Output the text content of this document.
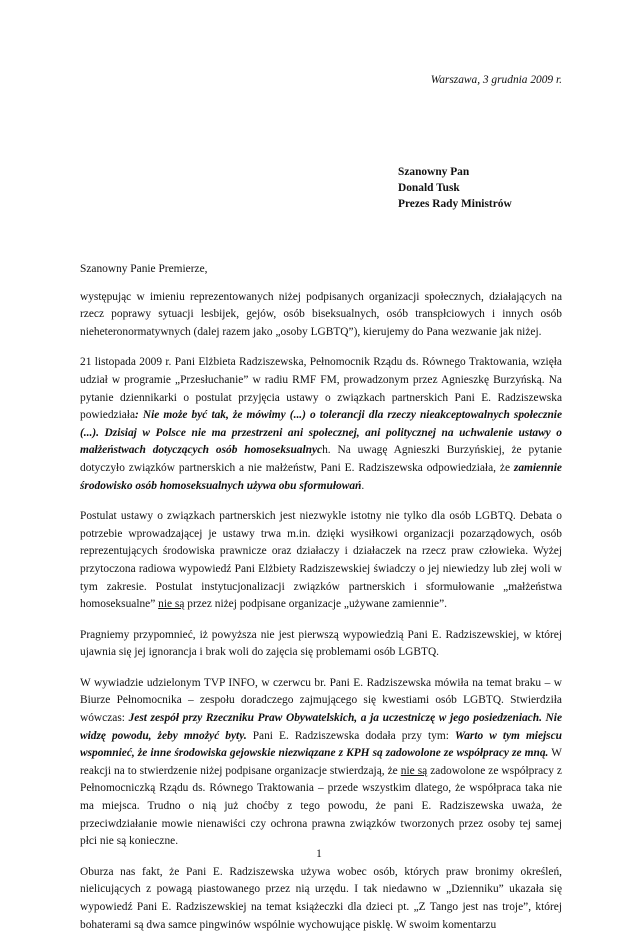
Warszawa, 3 grudnia 2009 r.
Szanowny Pan
Donald Tusk
Prezes Rady Ministrów

Szanowny Panie Premierze,

występując w imieniu reprezentowanych niżej podpisanych organizacji społecznych, działających na rzecz poprawy sytuacji lesbijek, gejów, osób biseksualnych, osób transpłciowych i innych osób nieheteronormatywnych (dalej razem jako „osoby LGBTQ”), kierujemy do Pana wezwanie jak niżej.

21 listopada 2009 r. Pani Elżbieta Radziszewska, Pełnomocnik Rządu ds. Równego Traktowania, wzięła udział w programie „Przesłuchanie” w radiu RMF FM, prowadzonym przez Agnieszkę Burzyńską. Na pytanie dziennikarki o postulat przyjęcia ustawy o związkach partnerskich Pani E. Radziszewska powiedziała: Nie może być tak, że mówimy (...) o tolerancji dla rzeczy nieakceptowalnych społecznie (...). Dzisiaj w Polsce nie ma przestrzeni ani społecznej, ani politycznej na uchwalenie ustawy o małżeństwach dotyczących osób homoseksualnych. Na uwagę Agnieszki Burzyńskiej, że pytanie dotyczyło związków partnerskich a nie małżeństw, Pani E. Radziszewska odpowiedziała, że zamiennie środowisko osób homoseksualnych używa obu sformułowań.

Postulat ustawy o związkach partnerskich jest niezwykle istotny nie tylko dla osób LGBTQ. Debata o potrzebie wprowadzającej je ustawy trwa m.in. dzięki wysiłkowi organizacji pozarządowych, osób reprezentujących środowiska prawnicze oraz działaczy i działaczek na rzecz praw człowieka. Wyżej przytoczona radiowa wypowiedź Pani Elżbiety Radziszewskiej świadczy o jej niewiedzy lub złej woli w tym zakresie. Postulat instytucjonalizacji związków partnerskich i sformułowanie „małżeństwa homoseksualne” nie są przez niżej podpisane organizacje „używane zamiennie”.

Pragniemy przypomnieć, iż powyższa nie jest pierwszą wypowiedzią Pani E. Radziszewskiej, w której ujawnia się jej ignorancja i brak woli do zajęcia się problemami osób LGBTQ.

W wywiadzie udzielonym TVP INFO, w czerwcu br. Pani E. Radziszewska mówiła na temat braku – w Biurze Pełnomocnika – zespołu doradczego zajmującego się kwestiami osób LGBTQ. Stwierdziła wówczas: Jest zespół przy Rzeczniku Praw Obywatelskich, a ja uczestniczę w jego posiedzeniach. Nie widzę powodu, żeby mnożyć byty. Pani E. Radziszewska dodała przy tym: Warto w tym miejscu wspomnieć, że inne środowiska gejowskie niezwiązane z KPH są zadowolone ze współpracy ze mną. W reakcji na to stwierdzenie niżej podpisane organizacje stwierdzają, że nie są zadowolone ze współpracy z Pełnomocniczką Rządu ds. Równego Traktowania – przede wszystkim dlatego, że współpraca taka nie ma miejsca. Trudno o nią już choćby z tego powodu, że pani E. Radziszewska uważa, że przeciwdziałanie mowie nienawiści czy ochrona prawna związków tworzonych przez osoby tej samej płci nie są konieczne.

Oburza nas fakt, że Pani E. Radziszewska używa wobec osób, których praw bronimy określeń, nielicujących z powagą piastowanego przez nią urzędu. I tak niedawno w „Dzienniku” ukazała się wypowiedź Pani E. Radziszewskiej na temat książeczki dla dzieci pt. „Z Tango jest nas troje”, której bohaterami są dwa samce pingwinów wspólnie wychowujące pisklę. W swoim komentarzu

1
